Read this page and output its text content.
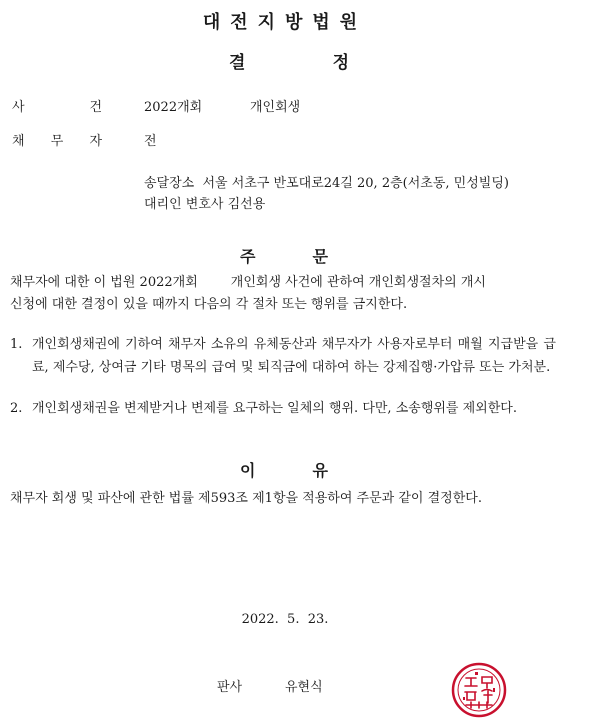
대전지방법원
결	정
사	건	2022개회	개인회생
채 무 자	전
송달장소 서울 서초구 반포대로24길 20, 2층(서초동, 민성빌딩)
대리인 변호사 김선용
주	문
채무자에 대한 이 법원 2022개회        개인회생 사건에 관하여 개인회생절차의 개시
신청에 대한 결정이 있을 때까지 다음의 각 절차 또는 행위를 금지한다.
1. 개인회생채권에 기하여 채무자 소유의 유체동산과 채무자가 사용자로부터 매월 지급받을 급료, 제수당, 상여금 기타 명목의 급여 및 퇴직금에 대하여 하는 강제집행·가압류 또는 가처분.
2. 개인회생채권을 변제받거나 변제를 요구하는 일체의 행위. 다만, 소송행위를 제외한다.
이	유
채무자 회생 및 파산에 관한 법률 제593조 제1항을 적용하여 주문과 같이 결정한다.
2022.  5.  23.
판사	유현식
